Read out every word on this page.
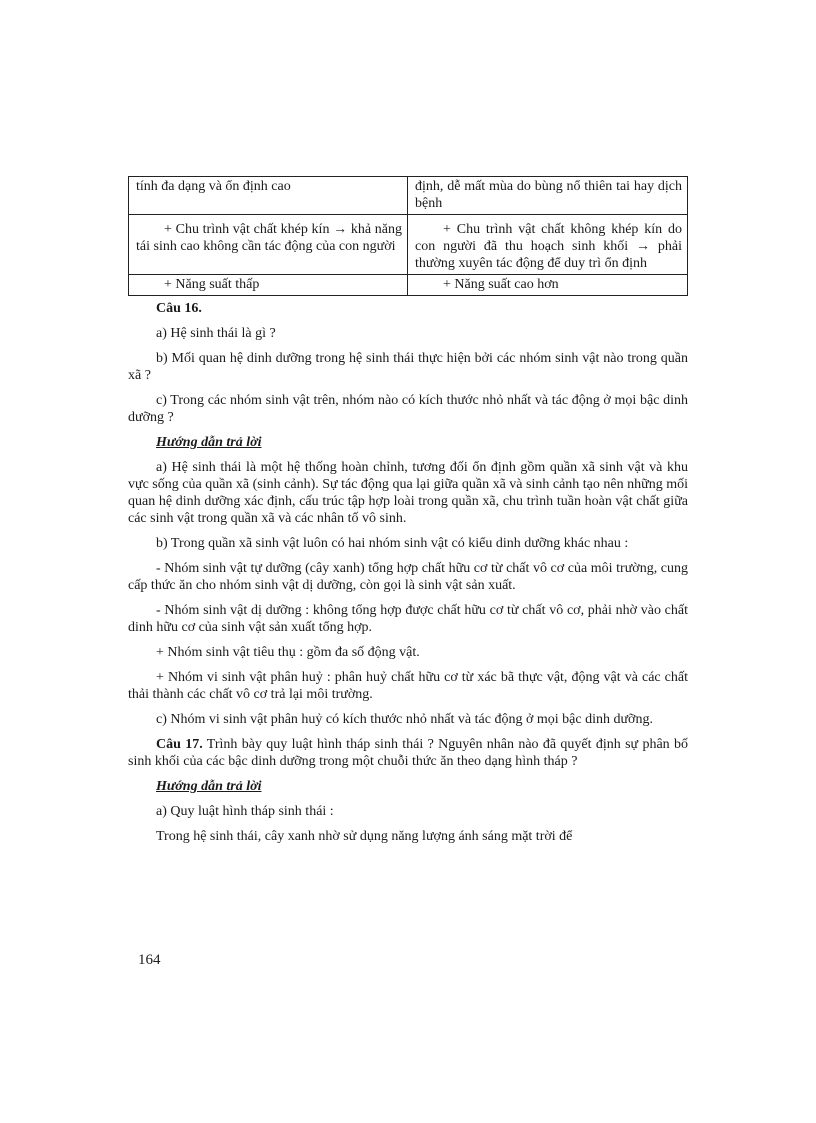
tính đa dạng và ổn định cao	định, dễ mất mùa do bùng nổ thiên tai hay dịch bệnh
+ Chu trình vật chất khép kín → khả năng tái sinh cao không cần tác động của con người	+ Chu trình vật chất không khép kín do con người đã thu hoạch sinh khối → phải thường xuyên tác động để duy trì ổn định
+ Năng suất thấp	+ Năng suất cao hơn
Câu 16.
a) Hệ sinh thái là gì ?
b) Mối quan hệ dinh dưỡng trong hệ sinh thái thực hiện bởi các nhóm sinh vật nào trong quần xã ?
c) Trong các nhóm sinh vật trên, nhóm nào có kích thước nhỏ nhất và tác động ở mọi bậc dinh dưỡng ?
Hướng dẫn trả lời
a) Hệ sinh thái là một hệ thống hoàn chỉnh, tương đối ổn định gồm quần xã sinh vật và khu vực sống của quần xã (sinh cảnh). Sự tác động qua lại giữa quần xã và sinh cảnh tạo nên những mối quan hệ dinh dưỡng xác định, cấu trúc tập hợp loài trong quần xã, chu trình tuần hoàn vật chất giữa các sinh vật trong quần xã và các nhân tố vô sinh.
b) Trong quần xã sinh vật luôn có hai nhóm sinh vật có kiểu dinh dưỡng khác nhau :
- Nhóm sinh vật tự dưỡng (cây xanh) tổng hợp chất hữu cơ từ chất vô cơ của môi trường, cung cấp thức ăn cho nhóm sinh vật dị dưỡng, còn gọi là sinh vật sản xuất.
- Nhóm sinh vật dị dưỡng : không tổng hợp được chất hữu cơ từ chất vô cơ, phải nhờ vào chất dinh hữu cơ của sinh vật sản xuất tổng hợp.
+ Nhóm sinh vật tiêu thụ : gồm đa số động vật.
+ Nhóm vi sinh vật phân huỷ : phân huỷ chất hữu cơ từ xác bã thực vật, động vật và các chất thải thành các chất vô cơ trả lại môi trường.
c) Nhóm vi sinh vật phân huỷ có kích thước nhỏ nhất và tác động ở mọi bậc dinh dưỡng.
Câu 17. Trình bày quy luật hình tháp sinh thái ? Nguyên nhân nào đã quyết định sự phân bố sinh khối của các bậc dinh dưỡng trong một chuỗi thức ăn theo dạng hình tháp ?
Hướng dẫn trả lời
a) Quy luật hình tháp sinh thái :
Trong hệ sinh thái, cây xanh nhờ sử dụng năng lượng ánh sáng mặt trời để
164
